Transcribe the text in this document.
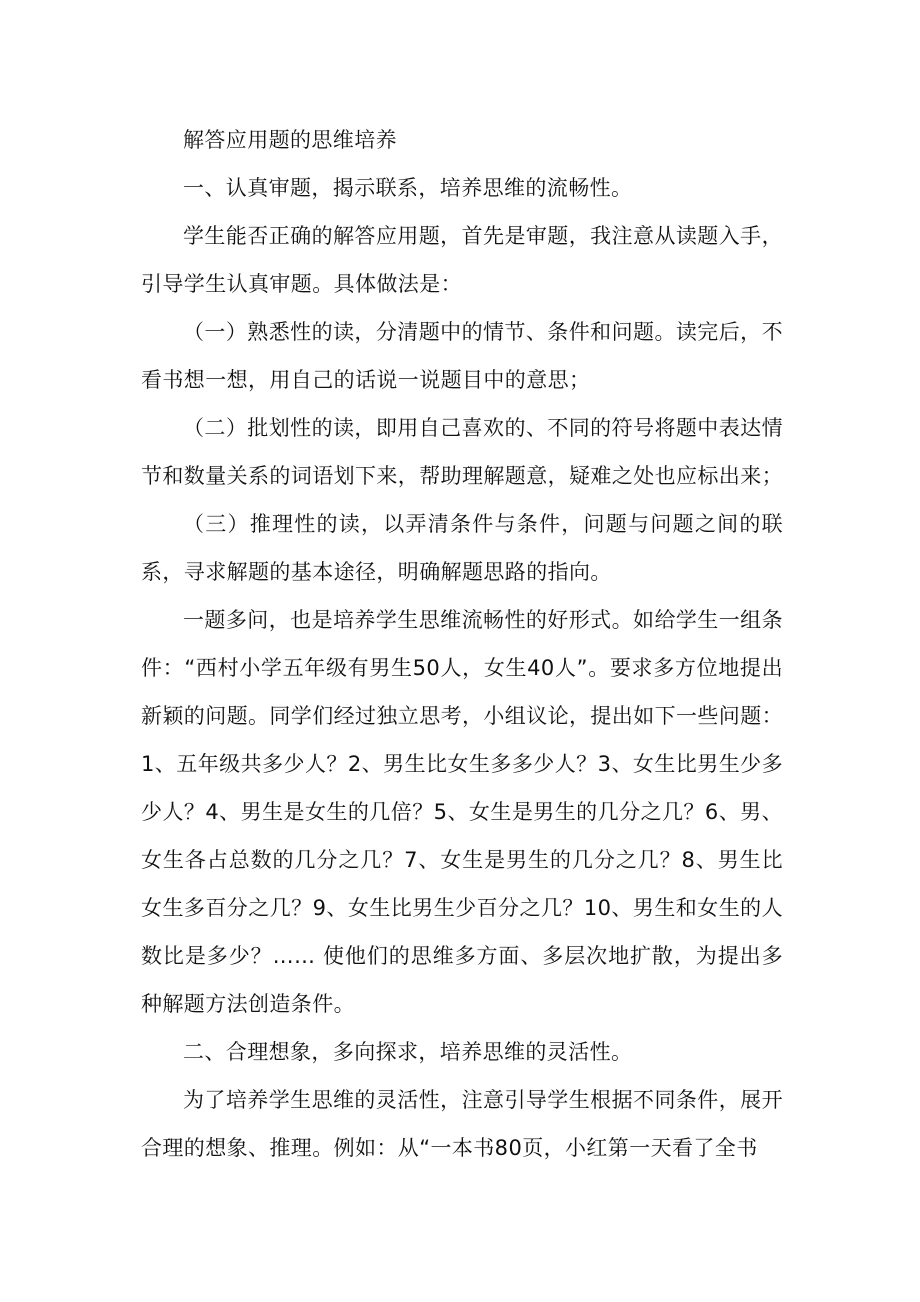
解答应用题的思维培养

一、认真审题，揭示联系，培养思维的流畅性。

学生能否正确的解答应用题，首先是审题，我注意从读题入手，引导学生认真审题。具体做法是：

（一）熟悉性的读，分清题中的情节、条件和问题。读完后，不看书想一想，用自己的话说一说题目中的意思；

（二）批划性的读，即用自己喜欢的、不同的符号将题中表达情节和数量关系的词语划下来，帮助理解题意，疑难之处也应标出来；

（三）推理性的读，以弄清条件与条件，问题与问题之间的联系，寻求解题的基本途径，明确解题思路的指向。

一题多问，也是培养学生思维流畅性的好形式。如给学生一组条件：“西村小学五年级有男生50人，女生40人”。要求多方位地提出新颖的问题。同学们经过独立思考，小组议论，提出如下一些问题：1、五年级共多少人？2、男生比女生多多少人？3、女生比男生少多少人？4、男生是女生的几倍？5、女生是男生的几分之几？6、男、女生各占总数的几分之几？7、女生是男生的几分之几？8、男生比女生多百分之几？9、女生比男生少百分之几？10、男生和女生的人数比是多少？…… 使他们的思维多方面、多层次地扩散，为提出多种解题方法创造条件。

二、合理想象，多向探求，培养思维的灵活性。

为了培养学生思维的灵活性，注意引导学生根据不同条件，展开合理的想象、推理。例如：从“一本书80页，小红第一天看了全书
